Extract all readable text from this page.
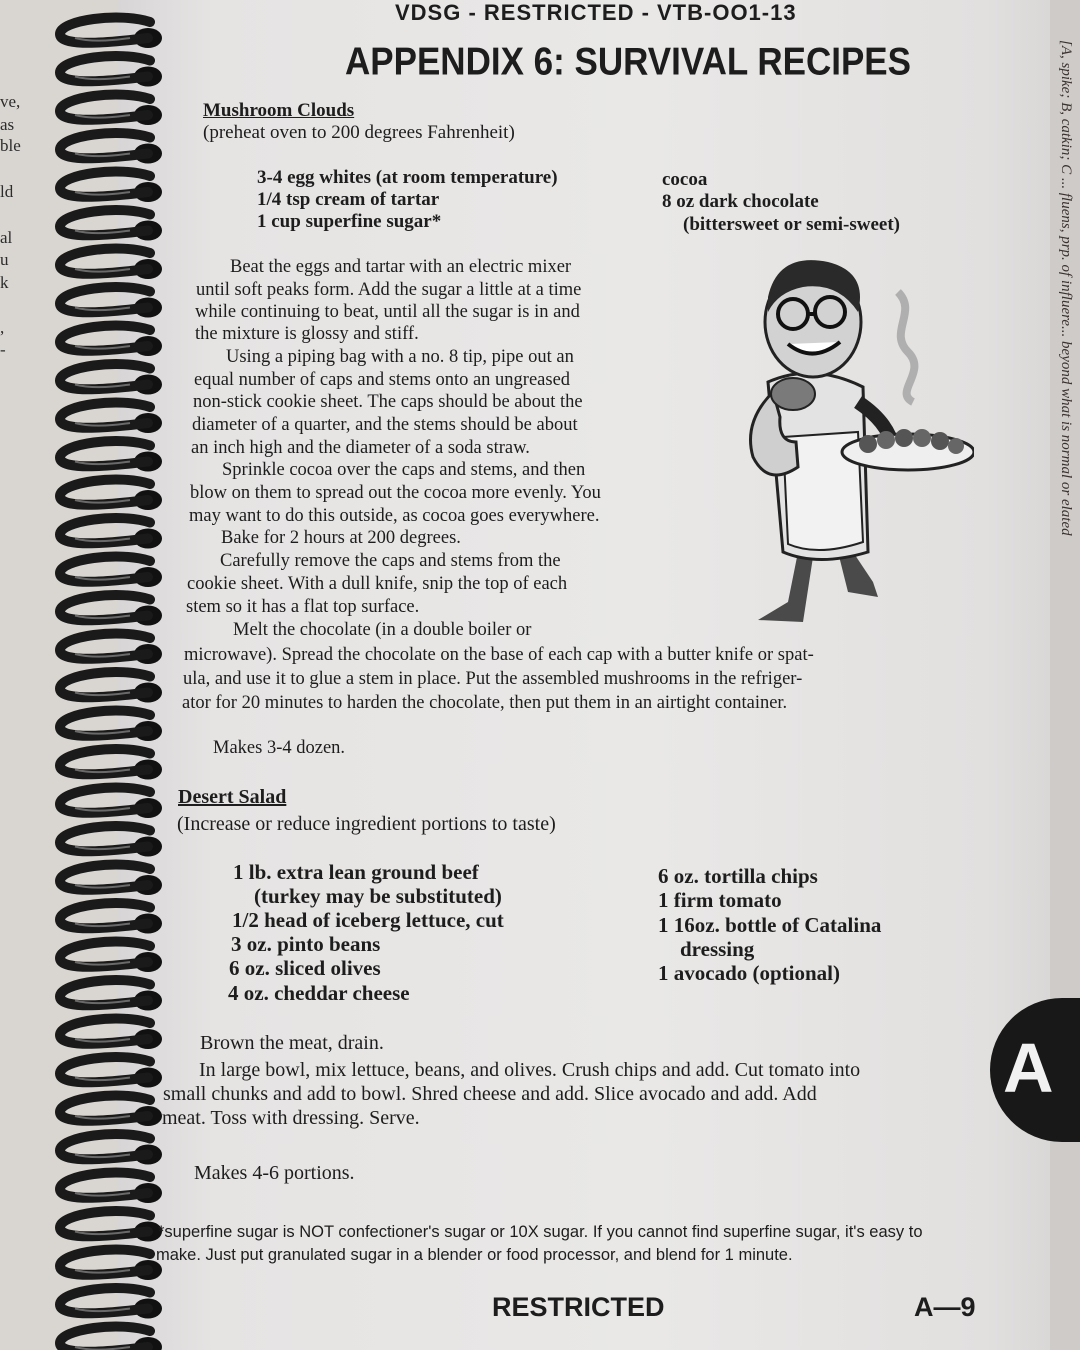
ve,
as
ble
ld
al
u
k
,
-	[A, spike; B, catkin; C ... fluens, prp. of influere... beyond what is normal or elated
VDSG - RESTRICTED - VTB-OO1-13
APPENDIX 6: SURVIVAL RECIPES
Mushroom Clouds
(preheat oven to 200 degrees Fahrenheit)
3-4 egg whites (at room temperature)
1/4 tsp cream of tartar
1 cup superfine sugar*
cocoa
8 oz dark chocolate
(bittersweet or semi-sweet)
Beat the eggs and tartar with an electric mixer
until soft peaks form. Add the sugar a little at a time
while continuing to beat, until all the sugar is in and
the mixture is glossy and stiff.
Using a piping bag with a no. 8 tip, pipe out an
equal number of caps and stems onto an ungreased
non-stick cookie sheet. The caps should be about the
diameter of a quarter, and the stems should be about
an inch high and the diameter of a soda straw.
Sprinkle cocoa over the caps and stems, and then
blow on them to spread out the cocoa more evenly. You
may want to do this outside, as cocoa goes everywhere.
Bake for 2 hours at 200 degrees.
Carefully remove the caps and stems from the
cookie sheet. With a dull knife, snip the top of each
stem so it has a flat top surface.
Melt the chocolate (in a double boiler or
microwave). Spread the chocolate on the base of each cap with a butter knife or spat-
ula, and use it to glue a stem in place. Put the assembled mushrooms in the refriger-
ator for 20 minutes to harden the chocolate, then put them in an airtight container.
Makes 3-4 dozen.
Desert Salad
(Increase or reduce ingredient portions to taste)
1 lb. extra lean ground beef
(turkey may be substituted)
1/2 head of iceberg lettuce, cut
3 oz. pinto beans
6 oz. sliced olives
4 oz. cheddar cheese
6 oz. tortilla chips
1 firm tomato
1 16oz. bottle of Catalina
dressing
1 avocado (optional)
Brown the meat, drain.
In large bowl, mix lettuce, beans, and olives. Crush chips and add. Cut tomato into
small chunks and add to bowl. Shred cheese and add. Slice avocado and add. Add
meat. Toss with dressing. Serve.
Makes 4-6 portions.
*superfine sugar is NOT confectioner's sugar or 10X sugar. If you cannot find superfine sugar, it's easy to
make. Just put granulated sugar in a blender or food processor, and blend for 1 minute.
A
RESTRICTED	A—9
